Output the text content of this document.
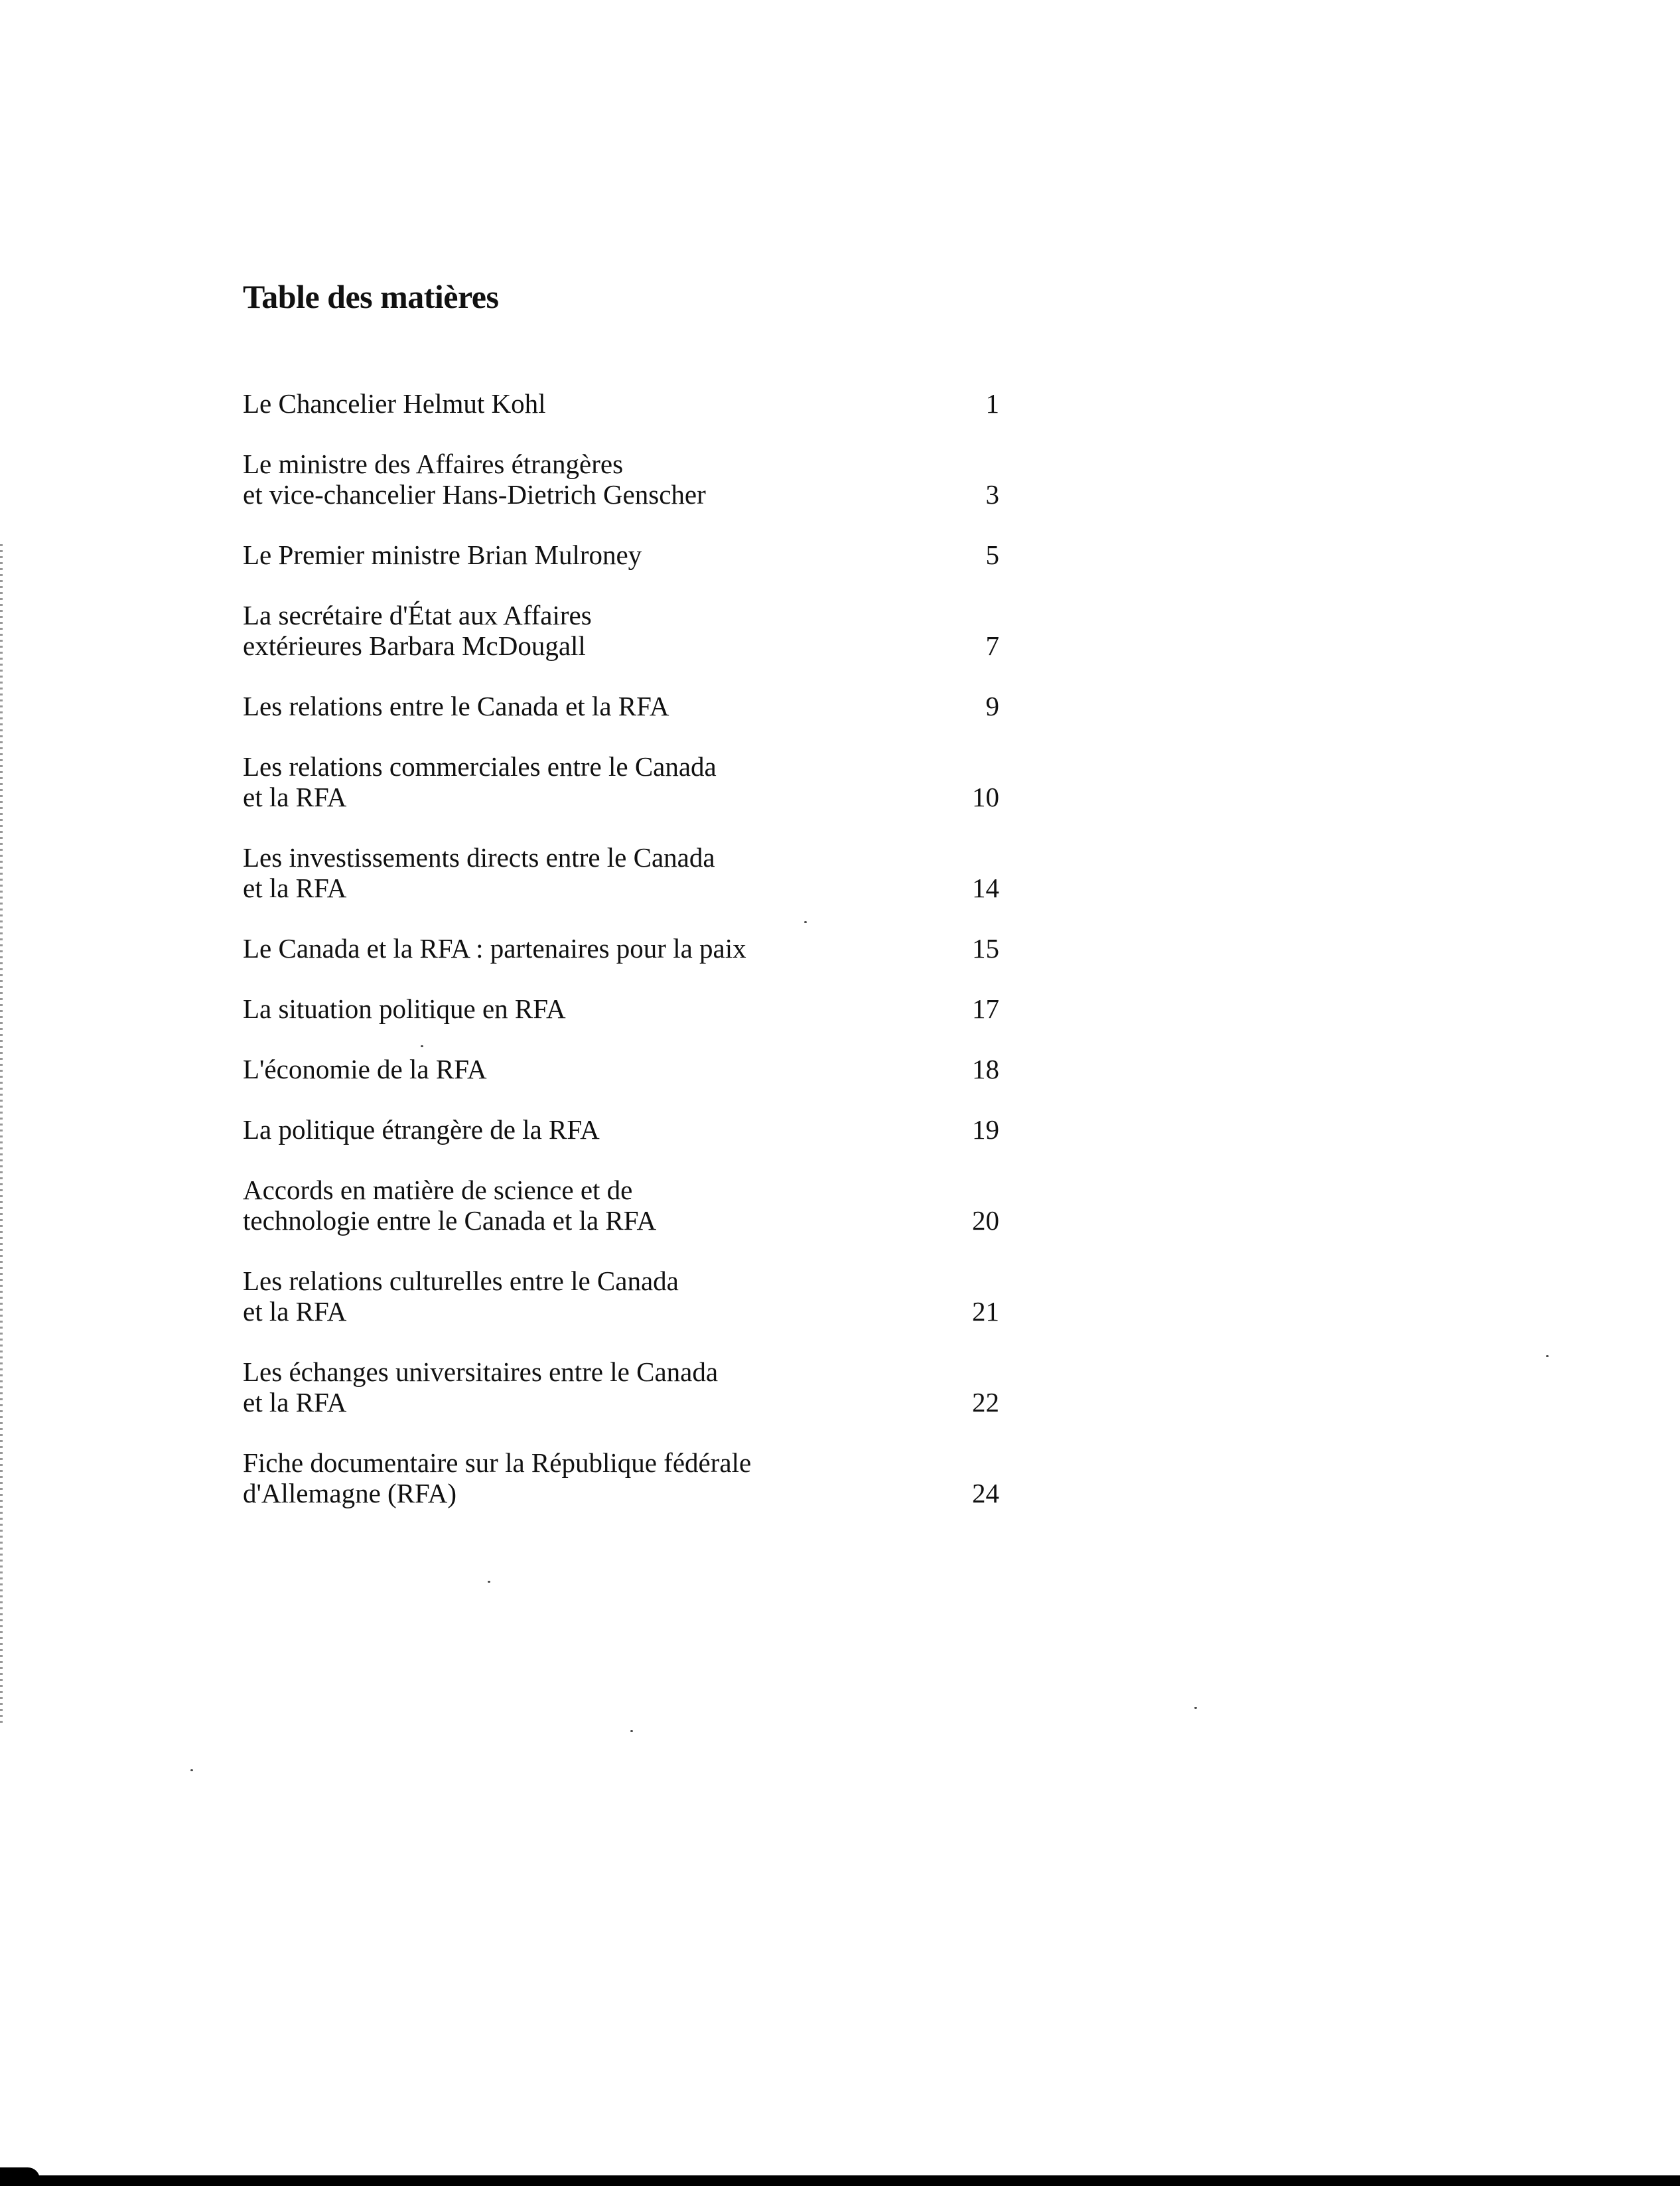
Table des matières
Le Chancelier Helmut Kohl	1
Le ministre des Affaires étrangères
et vice-chancelier Hans-Dietrich Genscher	3
Le Premier ministre Brian Mulroney	5
La secrétaire d'État aux Affaires
extérieures Barbara McDougall	7
Les relations entre le Canada et la RFA	9
Les relations commerciales entre le Canada
et la RFA	10
Les investissements directs entre le Canada
et la RFA	14
Le Canada et la RFA : partenaires pour la paix	15
La situation politique en RFA	17
L'économie de la RFA	18
La politique étrangère de la RFA	19
Accords en matière de science et de
technologie entre le Canada et la RFA	20
Les relations culturelles entre le Canada
et la RFA	21
Les échanges universitaires entre le Canada
et la RFA	22
Fiche documentaire sur la République fédérale
d'Allemagne (RFA)	24
